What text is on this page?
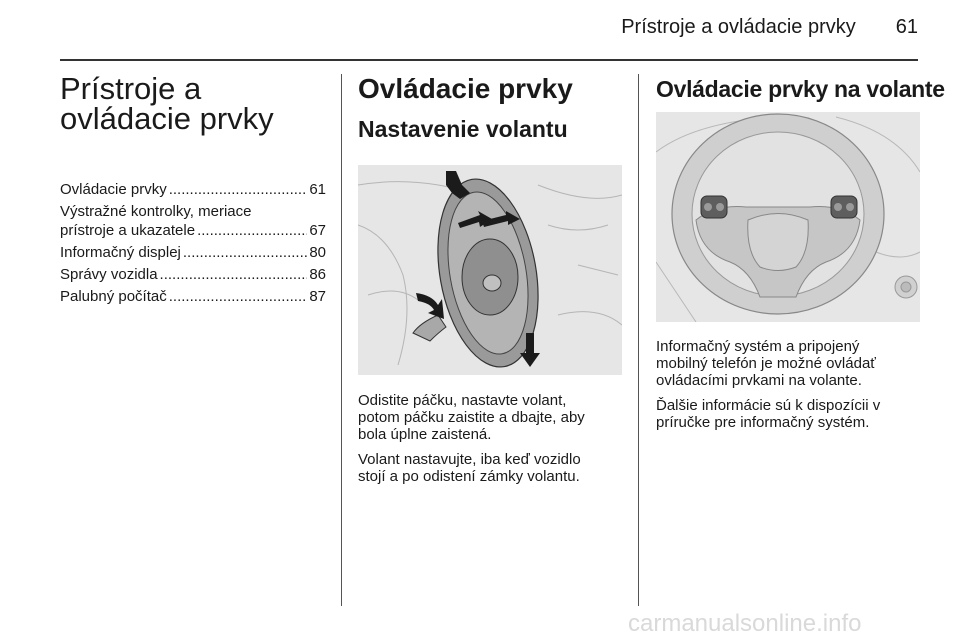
Prístroje a ovládacie prvky 61
Prístroje a ovládacie prvky
Ovládacie prvky .....	61
Výstražné kontrolky, meriace
prístroje a ukazatele .....	67
Informačný displej .....	80
Správy vozidla .....	86
Palubný počítač .....	87
Ovládacie prvky
Nastavenie volantu

Odistite páčku, nastavte volant,
potom páčku zaistite a dbajte, aby
bola úplne zaistená.

Volant nastavujte, iba keď vozidlo
stojí a po odistení zámky volantu.

Ovládacie prvky na volante

Informačný systém a pripojený
mobilný telefón je možné ovládať
ovládacími prvkami na volante.

Ďalšie informácie sú k dispozícii v
príručke pre informačný systém.

carmanualsonline.info
